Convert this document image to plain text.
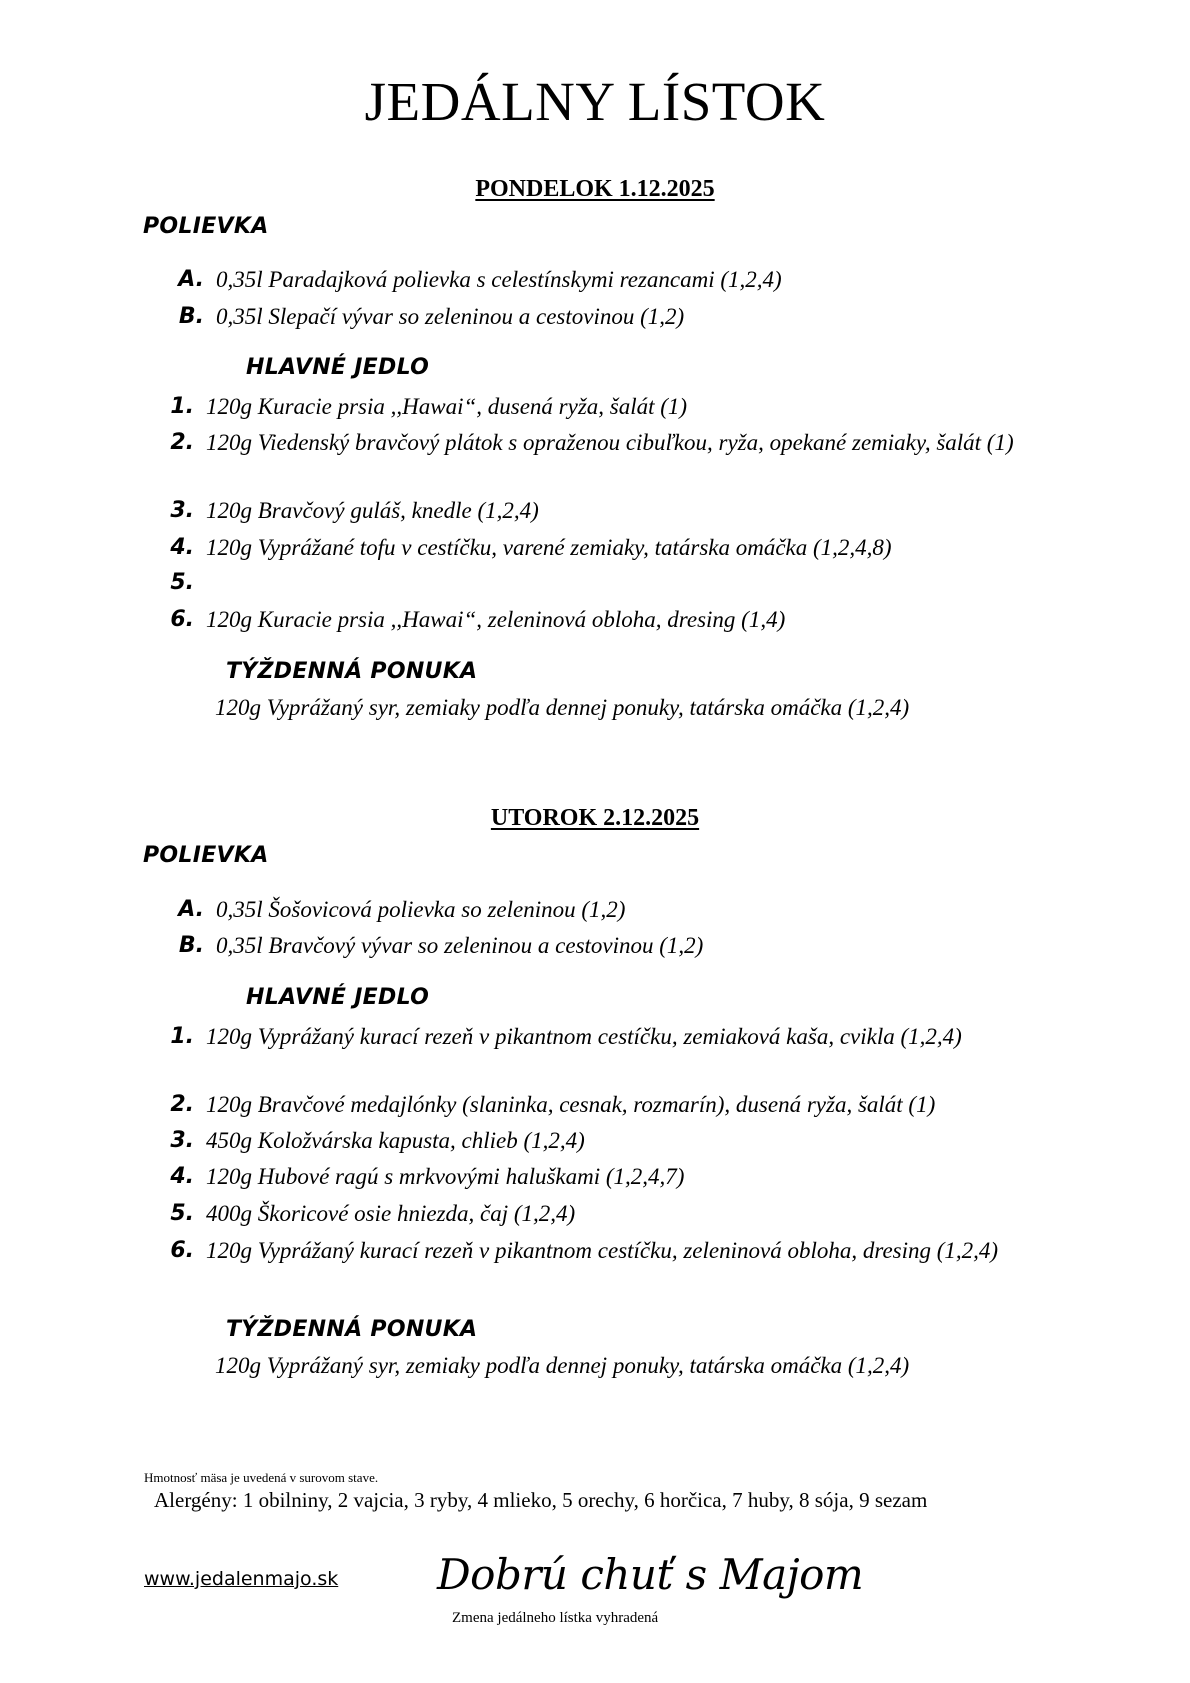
JEDÁLNY LÍSTOK
PONDELOK 1.12.2025
POLIEVKA
A. 0,35l Paradajková polievka s celestínskymi rezancami (1,2,4)
B. 0,35l Slepačí vývar so zeleninou a cestovinou (1,2)
HLAVNÉ JEDLO
1. 120g Kuracie prsia ,,Hawai“, dusená ryža, šalát (1)
2. 120g Viedenský bravčový plátok s opraženou cibuľkou, ryža, opekané zemiaky, šalát (1)
3. 120g Bravčový guláš, knedle (1,2,4)
4. 120g Vyprážané tofu v cestíčku, varené zemiaky, tatárska omáčka (1,2,4,8)
5.
6. 120g Kuracie prsia ,,Hawai“, zeleninová obloha, dresing (1,4)
TÝŽDENNÁ PONUKA
120g Vyprážaný syr, zemiaky podľa dennej ponuky, tatárska omáčka (1,2,4)
UTOROK 2.12.2025
POLIEVKA
A. 0,35l Šošovicová polievka so zeleninou (1,2)
B. 0,35l Bravčový vývar so zeleninou a cestovinou (1,2)
HLAVNÉ JEDLO
1. 120g Vyprážaný kurací rezeň v pikantnom cestíčku, zemiaková kaša, cvikla (1,2,4)
2. 120g Bravčové medajlónky (slaninka, cesnak, rozmarín), dusená ryža, šalát (1)
3. 450g Koložvárska kapusta, chlieb (1,2,4)
4. 120g Hubové ragú s mrkvovými haluškami (1,2,4,7)
5. 400g Škoricové osie hniezda, čaj (1,2,4)
6. 120g Vyprážaný kurací rezeň v pikantnom cestíčku, zeleninová obloha, dresing (1,2,4)
TÝŽDENNÁ PONUKA
120g Vyprážaný syr, zemiaky podľa dennej ponuky, tatárska omáčka (1,2,4)
Hmotnosť mäsa je uvedená v surovom stave.
Alergény: 1 obilniny, 2 vajcia, 3 ryby, 4 mlieko, 5 orechy, 6 horčica, 7 huby, 8 sója, 9 sezam
www.jedalenmajo.sk Dobrú chuť s Majom
Zmena jedálneho lístka vyhradená
